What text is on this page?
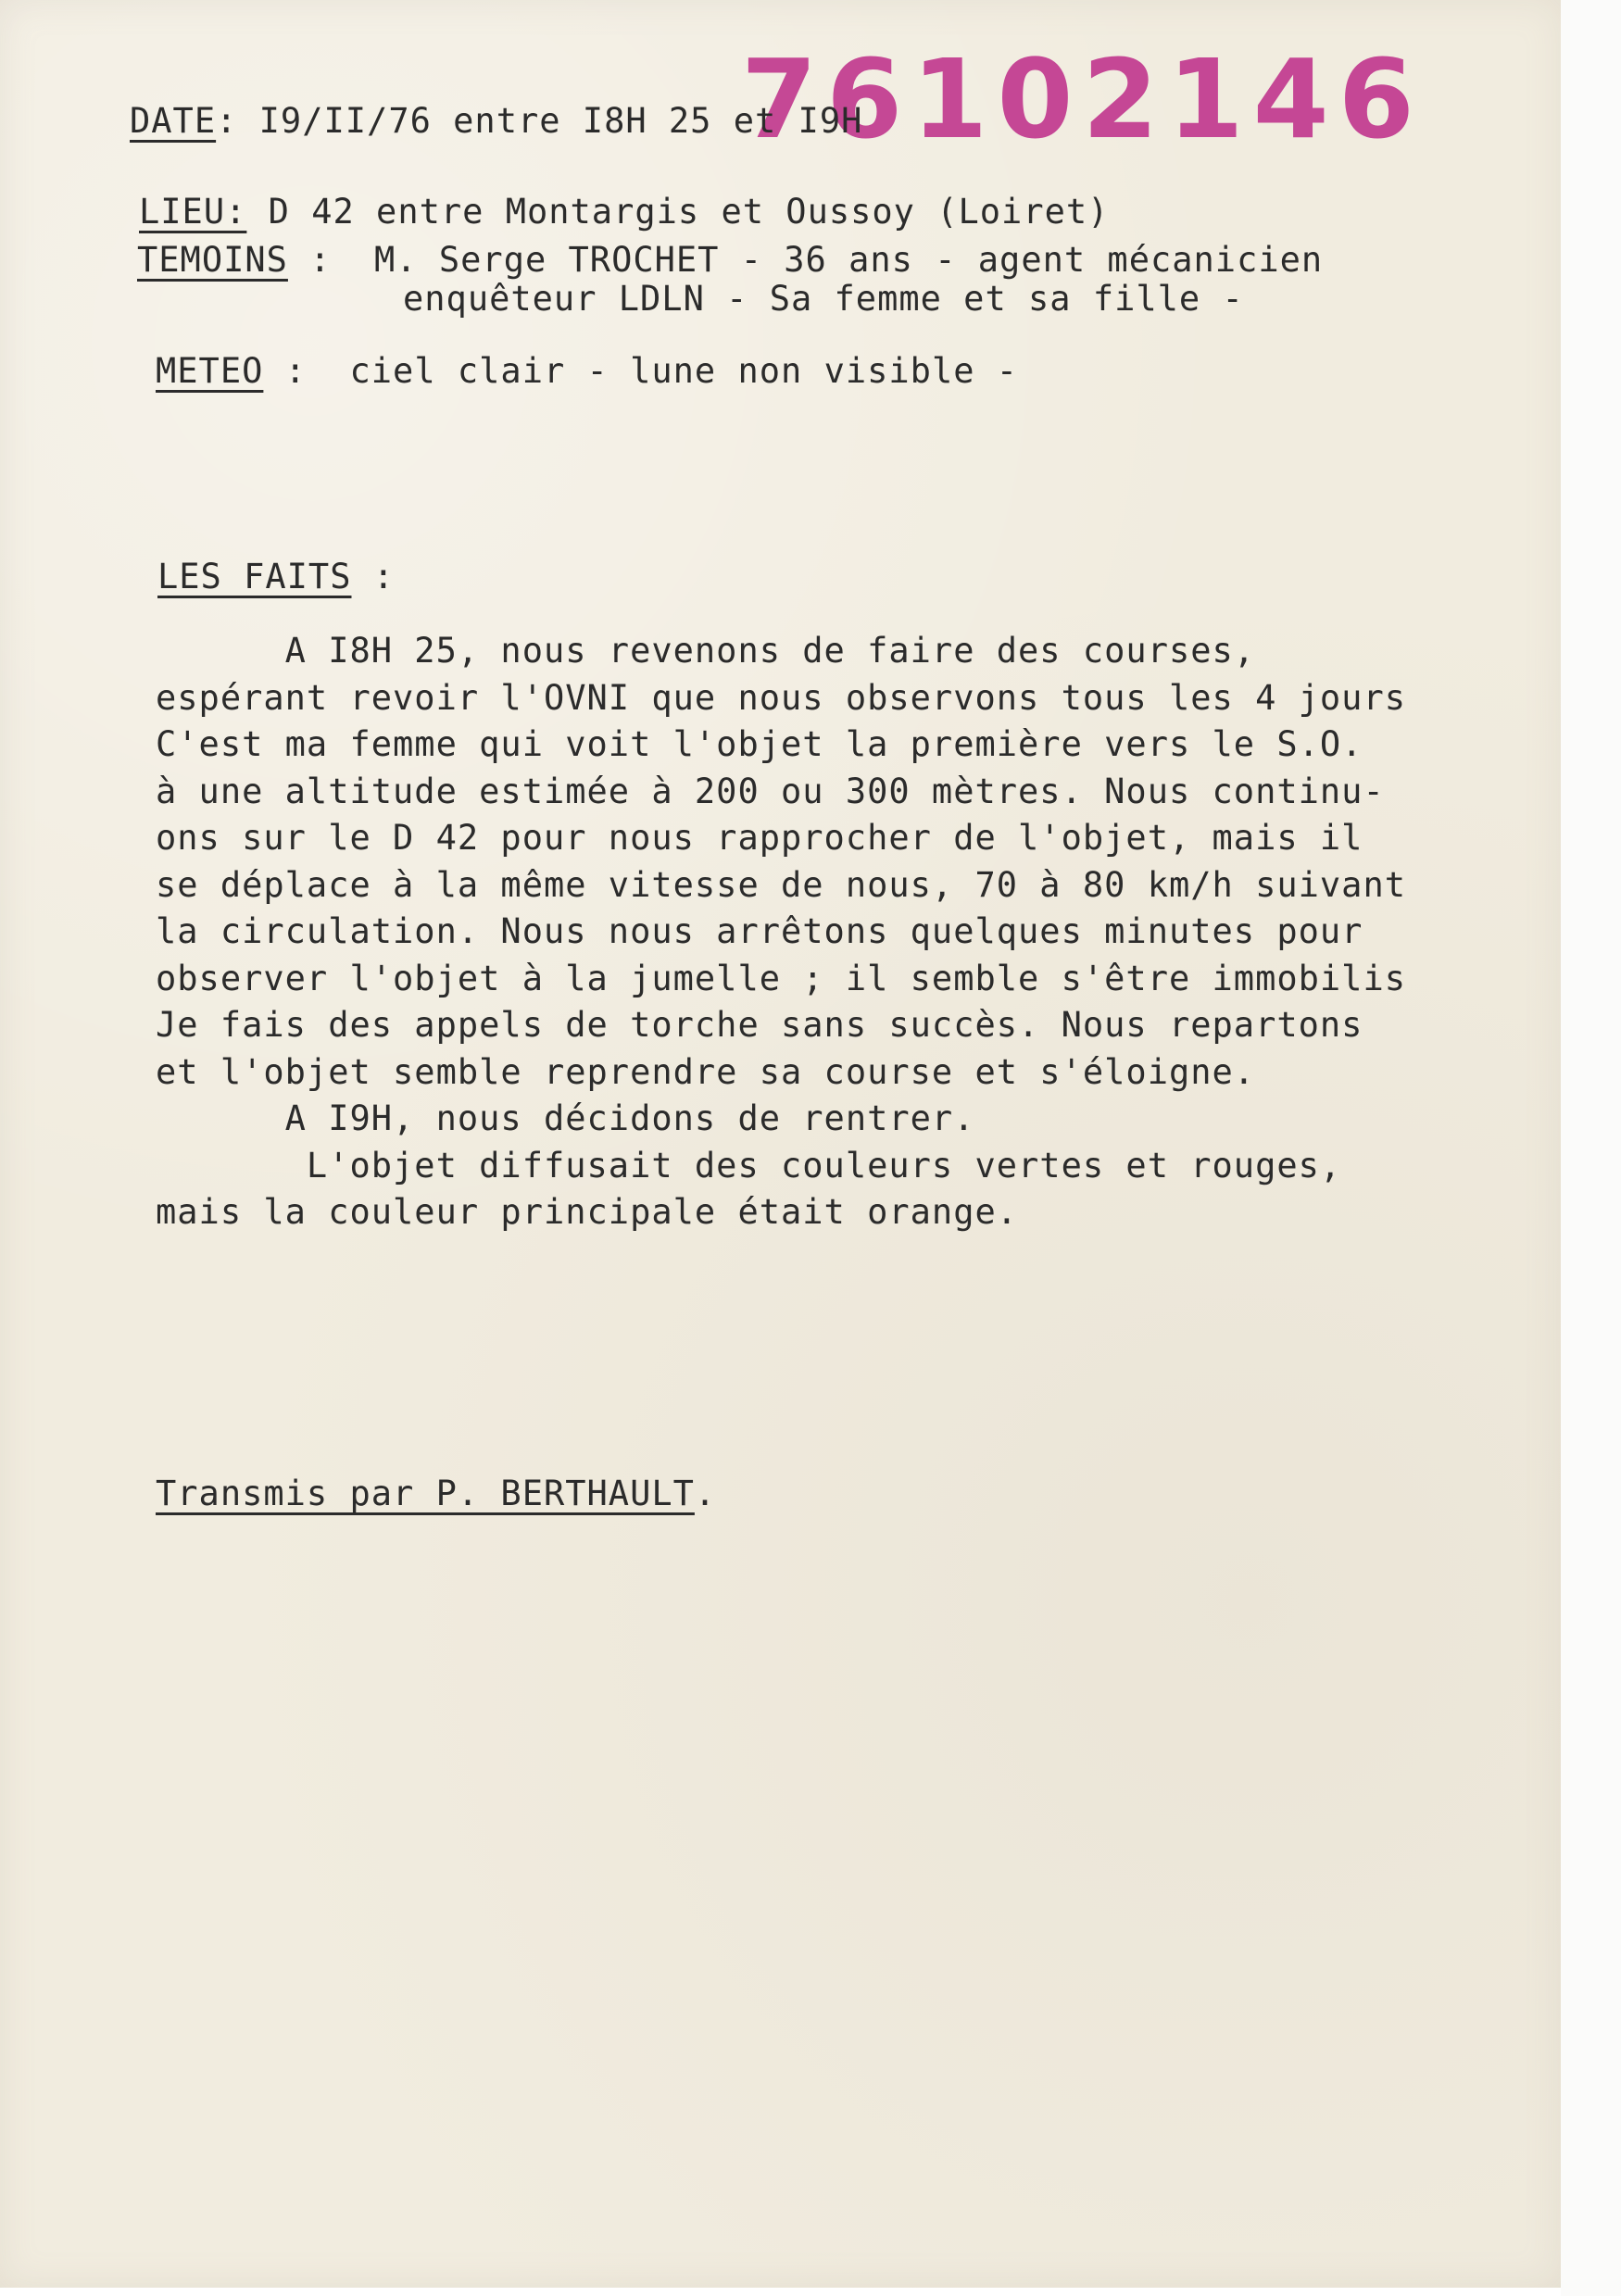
76102146
DATE: I9/II/76 entre I8H 25 et I9H
LIEU: D 42 entre Montargis et Oussoy (Loiret)
TEMOINS :  M. Serge TROCHET - 36 ans - agent mécanicien
enquêteur LDLN - Sa femme et sa fille -
METEO :  ciel clair - lune non visible -
LES FAITS :
A I8H 25, nous revenons de faire des courses,
espérant revoir l'OVNI que nous observons tous les 4 jours
C'est ma femme qui voit l'objet la première vers le S.O.
à une altitude estimée à 200 ou 300 mètres. Nous continu-
ons sur le D 42 pour nous rapprocher de l'objet, mais il
se déplace à la même vitesse de nous, 70 à 80 km/h suivant
la circulation. Nous nous arrêtons quelques minutes pour
observer l'objet à la jumelle ; il semble s'être immobilis
Je fais des appels de torche sans succès. Nous repartons
et l'objet semble reprendre sa course et s'éloigne.
A I9H, nous décidons de rentrer.
L'objet diffusait des couleurs vertes et rouges,
mais la couleur principale était orange.
Transmis par P. BERTHAULT.
